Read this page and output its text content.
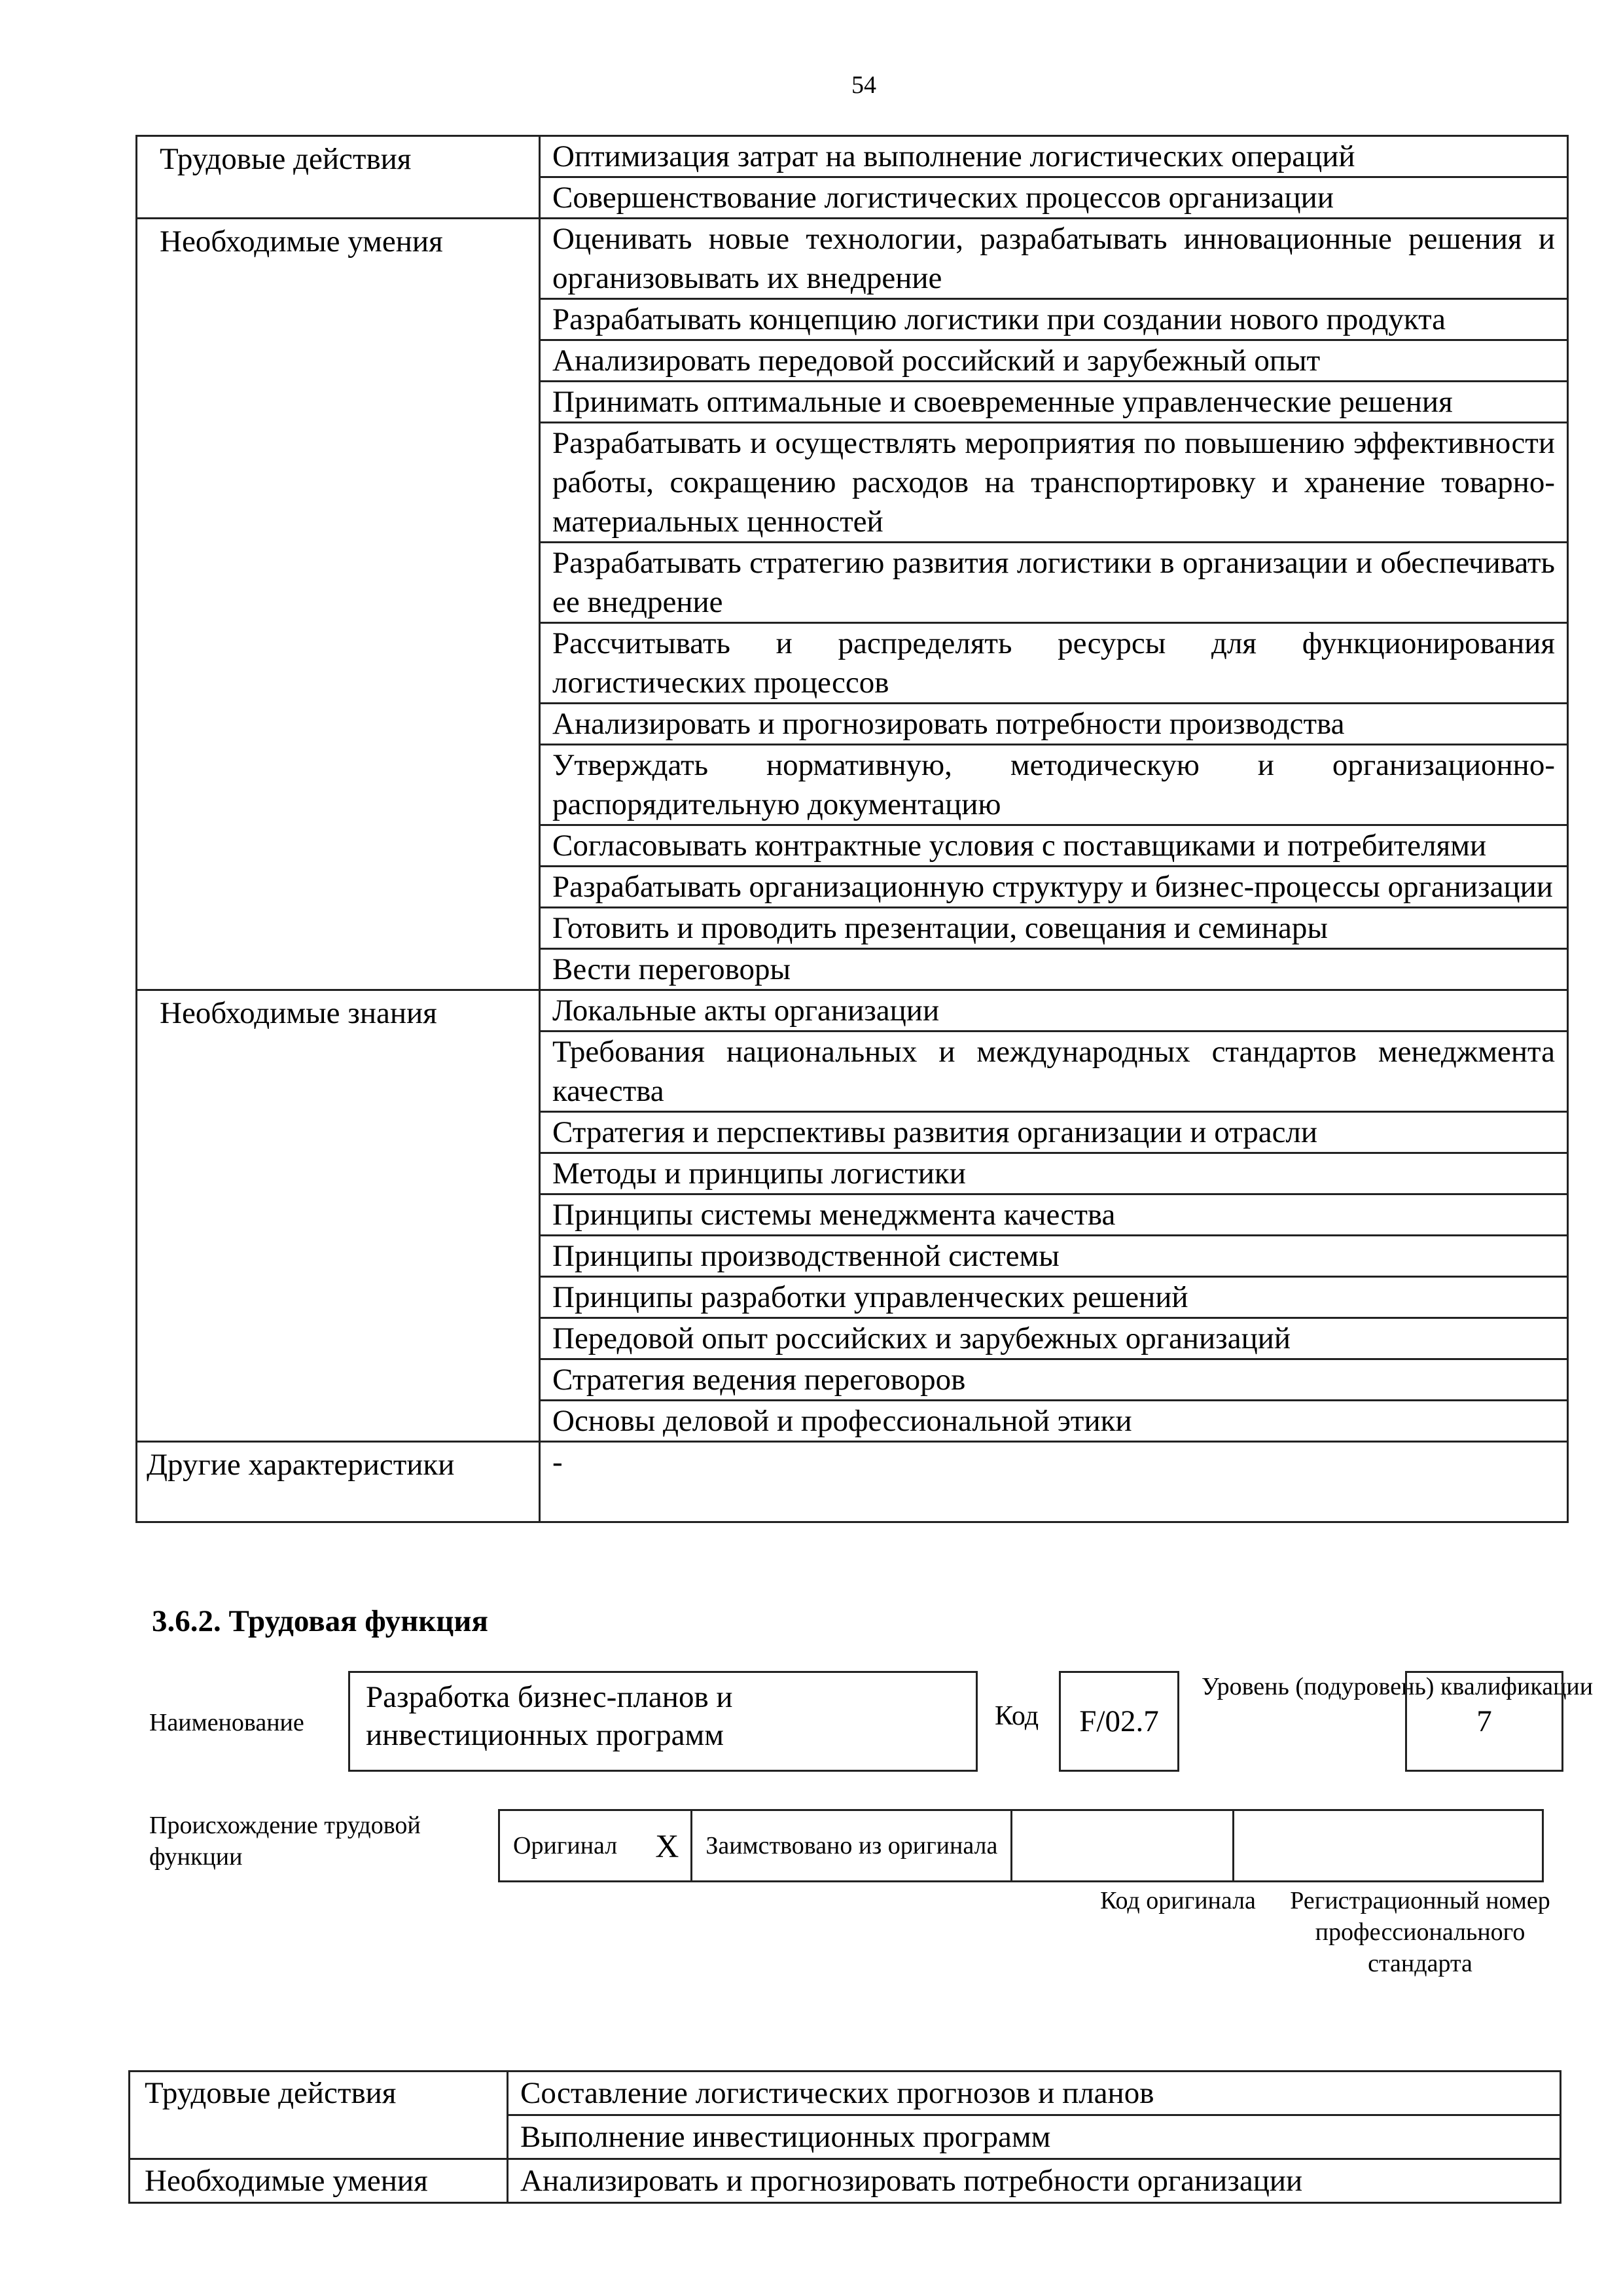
54
Трудовые действия	Оптимизация затрат на выполнение логистических операций
	Совершенствование логистических процессов организации
Необходимые умения	Оценивать новые технологии, разрабатывать инновационные решения и организовывать их внедрение
	Разрабатывать концепцию логистики при создании нового продукта
	Анализировать передовой российский и зарубежный опыт
	Принимать оптимальные и своевременные управленческие решения
	Разрабатывать и осуществлять мероприятия по повышению эффективности работы, сокращению расходов на транспортировку и хранение товарно-материальных ценностей
	Разрабатывать стратегию развития логистики в организации и обеспечивать ее внедрение
	Рассчитывать и распределять ресурсы для функционирования логистических процессов
	Анализировать и прогнозировать потребности производства
	Утверждать нормативную, методическую и организационно-распорядительную документацию
	Согласовывать контрактные условия с поставщиками и потребителями
	Разрабатывать организационную структуру и бизнес-процессы организации
	Готовить и проводить презентации, совещания и семинары
	Вести переговоры
Необходимые знания	Локальные акты организации
	Требования национальных и международных стандартов менеджмента качества
	Стратегия и перспективы развития организации и отрасли
	Методы и принципы логистики
	Принципы системы менеджмента качества
	Принципы производственной системы
	Принципы разработки управленческих решений
	Передовой опыт российских и зарубежных организаций
	Стратегия ведения переговоров
	Основы деловой и профессиональной этики
Другие характеристики	-
3.6.2. Трудовая функция
Наименование
Разработка бизнес-планов и инвестиционных программ
Код	F/02.7
Уровень (подуровень) квалификации
7
Происхождение трудовой функции	Оригинал	X	Заимствовано из оригинала		
Код оригинала	Регистрационный номер профессионального стандарта
Трудовые действия	Составление логистических прогнозов и планов
	Выполнение инвестиционных программ
Необходимые умения	Анализировать и прогнозировать потребности организации
